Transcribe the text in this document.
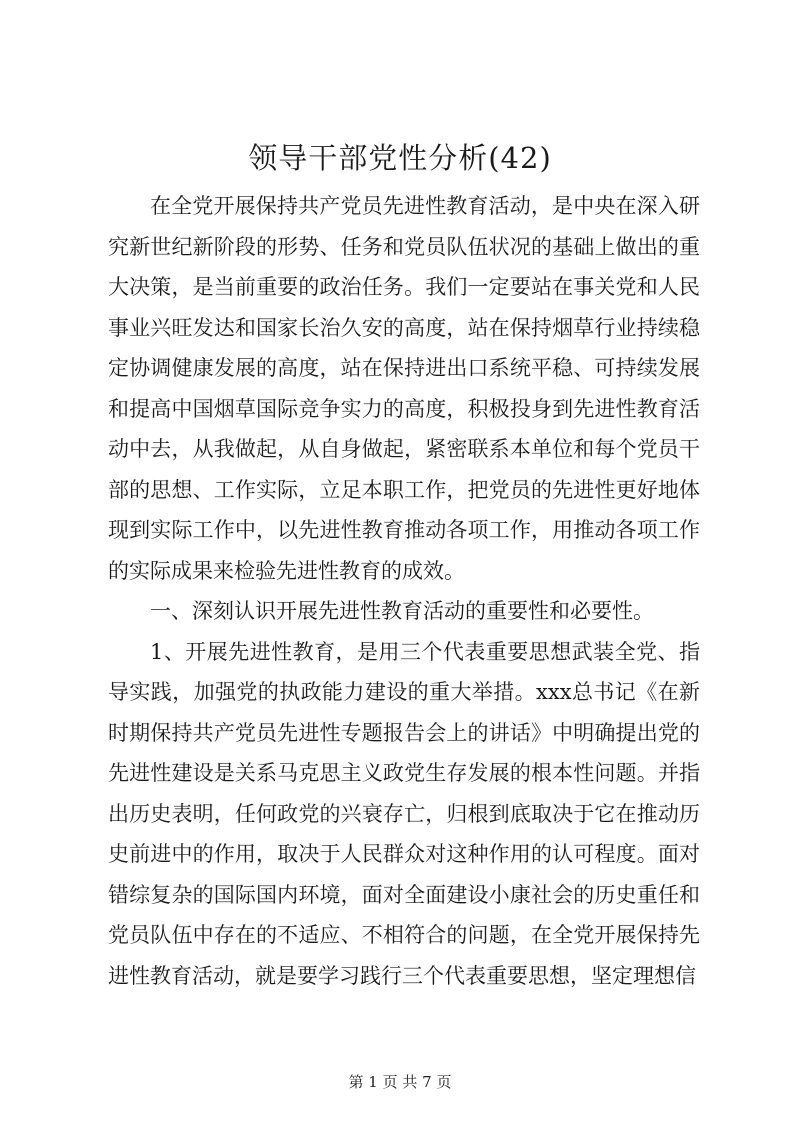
领导干部党性分析(42)

在全党开展保持共产党员先进性教育活动，是中央在深入研究新世纪新阶段的形势、任务和党员队伍状况的基础上做出的重大决策，是当前重要的政治任务。我们一定要站在事关党和人民事业兴旺发达和国家长治久安的高度，站在保持烟草行业持续稳定协调健康发展的高度，站在保持进出口系统平稳、可持续发展和提高中国烟草国际竞争实力的高度，积极投身到先进性教育活动中去，从我做起，从自身做起，紧密联系本单位和每个党员干部的思想、工作实际，立足本职工作，把党员的先进性更好地体现到实际工作中，以先进性教育推动各项工作，用推动各项工作的实际成果来检验先进性教育的成效。

一、深刻认识开展先进性教育活动的重要性和必要性。

1、开展先进性教育，是用三个代表重要思想武装全党、指导实践，加强党的执政能力建设的重大举措。xxx总书记《在新时期保持共产党员先进性专题报告会上的讲话》中明确提出党的先进性建设是关系马克思主义政党生存发展的根本性问题。并指出历史表明，任何政党的兴衰存亡，归根到底取决于它在推动历史前进中的作用，取决于人民群众对这种作用的认可程度。面对错综复杂的国际国内环境，面对全面建设小康社会的历史重任和党员队伍中存在的不适应、不相符合的问题，在全党开展保持先进性教育活动，就是要学习践行三个代表重要思想，坚定理想信

第 1 页 共 7 页
